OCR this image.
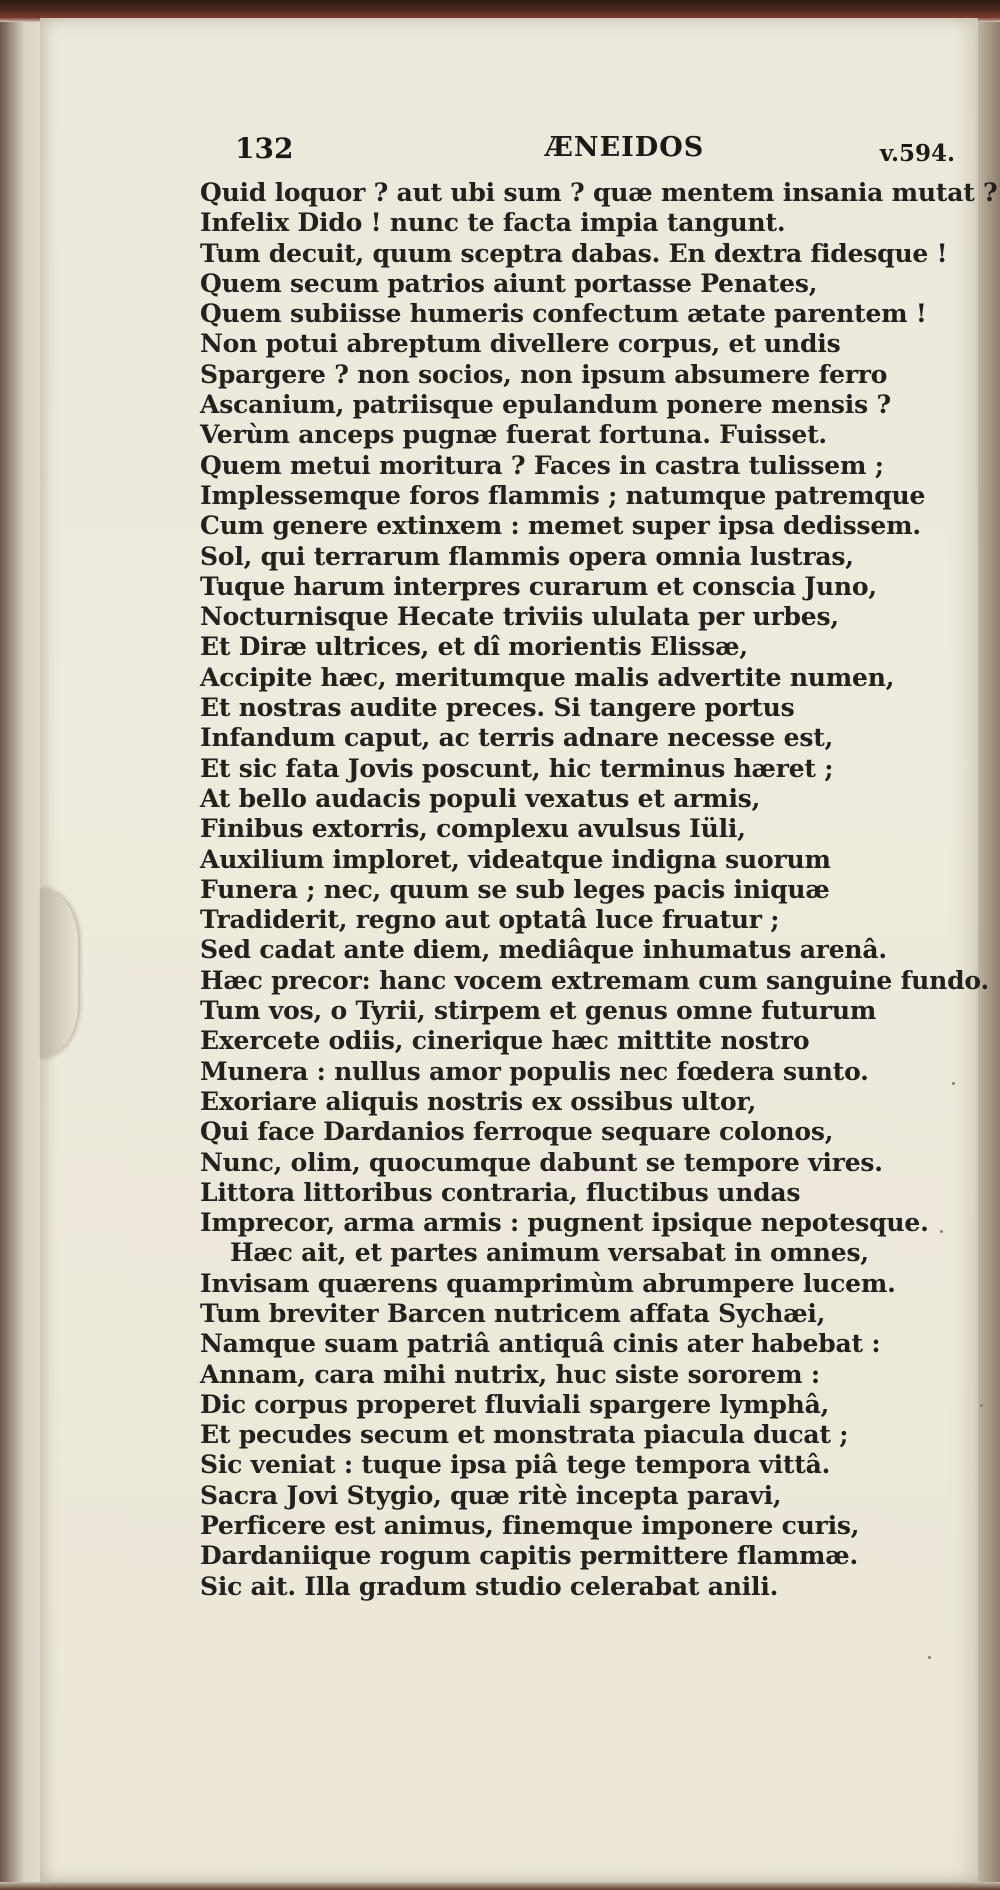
132	ÆNEIDOS	v.594.
Quid loquor ? aut ubi sum ? quæ mentem insania mutat ?
Infelix Dido ! nunc te facta impia tangunt.
Tum decuit, quum sceptra dabas. En dextra fidesque !
Quem secum patrios aiunt portasse Penates,
Quem subiisse humeris confectum ætate parentem !
Non potui abreptum divellere corpus, et undis
Spargere ? non socios, non ipsum absumere ferro
Ascanium, patriisque epulandum ponere mensis ?
Verùm anceps pugnæ fuerat fortuna. Fuisset.
Quem metui moritura ? Faces in castra tulissem ;
Implessemque foros flammis ; natumque patremque
Cum genere extinxem : memet super ipsa dedissem.
Sol, qui terrarum flammis opera omnia lustras,
Tuque harum interpres curarum et conscia Juno,
Nocturnisque Hecate triviis ululata per urbes,
Et Diræ ultrices, et dî morientis Elissæ,
Accipite hæc, meritumque malis advertite numen,
Et nostras audite preces. Si tangere portus
Infandum caput, ac terris adnare necesse est,
Et sic fata Jovis poscunt, hic terminus hæret ;
At bello audacis populi vexatus et armis,
Finibus extorris, complexu avulsus Iüli,
Auxilium imploret, videatque indigna suorum
Funera ; nec, quum se sub leges pacis iniquæ
Tradiderit, regno aut optatâ luce fruatur ;
Sed cadat ante diem, mediâque inhumatus arenâ.
Hæc precor: hanc vocem extremam cum sanguine fundo.
Tum vos, o Tyrii, stirpem et genus omne futurum
Exercete odiis, cinerique hæc mittite nostro
Munera : nullus amor populis nec fœdera sunto.
Exoriare aliquis nostris ex ossibus ultor,
Qui face Dardanios ferroque sequare colonos,
Nunc, olim, quocumque dabunt se tempore vires.
Littora littoribus contraria, fluctibus undas
Imprecor, arma armis : pugnent ipsique nepotesque.
Hæc ait, et partes animum versabat in omnes,
Invisam quærens quamprimùm abrumpere lucem.
Tum breviter Barcen nutricem affata Sychæi,
Namque suam patriâ antiquâ cinis ater habebat :
Annam, cara mihi nutrix, huc siste sororem :
Dic corpus properet fluviali spargere lymphâ,
Et pecudes secum et monstrata piacula ducat ;
Sic veniat : tuque ipsa piâ tege tempora vittâ.
Sacra Jovi Stygio, quæ ritè incepta paravi,
Perficere est animus, finemque imponere curis,
Dardaniique rogum capitis permittere flammæ.
Sic ait. Illa gradum studio celerabat anili.
